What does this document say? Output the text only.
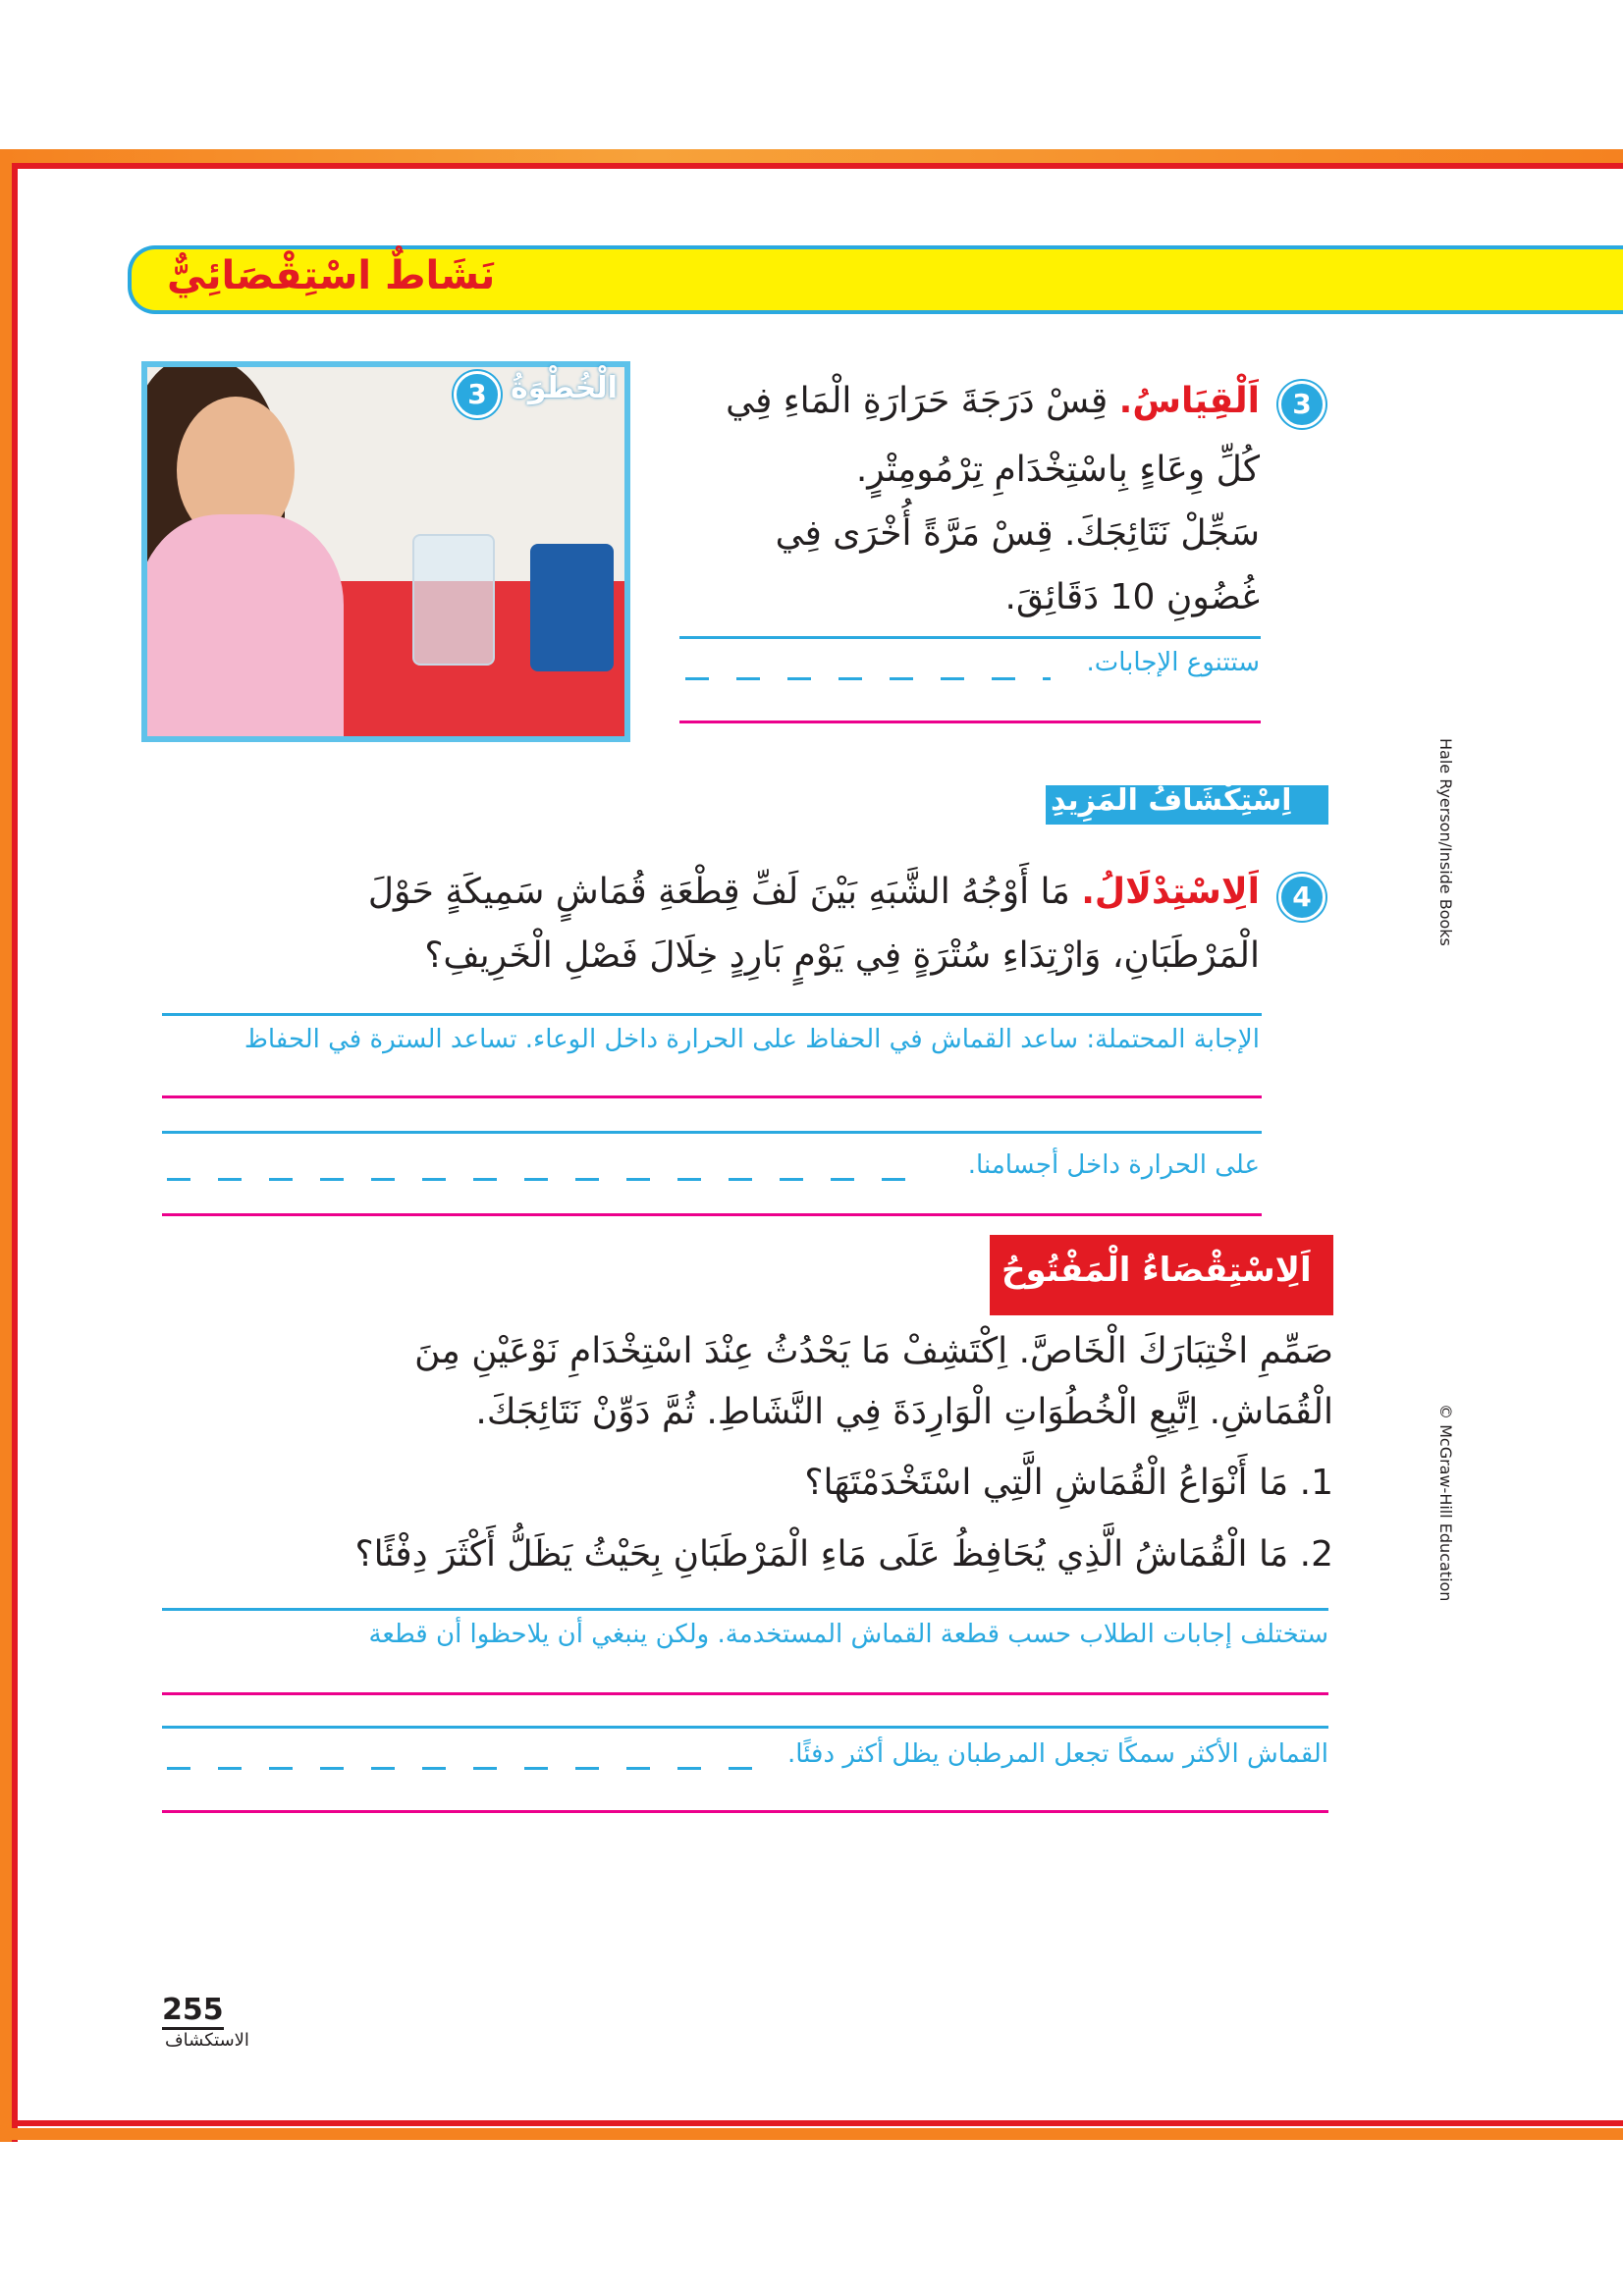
نَشَاطٌ اسْتِقْصَائِيٌّ
3 الْخُطْوَةُ	3
اَلْقِيَاسُ. قِسْ دَرَجَةَ حَرَارَةِ الْمَاءِ فِي
كُلِّ وِعَاءٍ بِاسْتِخْدَامِ تِرْمُومِتْرٍ.
سَجِّلْ نَتَائِجَكَ. قِسْ مَرَّةً أُخْرَى فِي
غُضُونِ 10 دَقَائِقَ.
ستتنوع الإجابات.
اِسْتِكْشَافُ الْمَزِيدِ
4
اَلِاسْتِدْلَالُ. مَا أَوْجُهُ الشَّبَهِ بَيْنَ لَفِّ قِطْعَةِ قُمَاشٍ سَمِيكَةٍ حَوْلَ
الْمَرْطَبَانِ، وَارْتِدَاءِ سُتْرَةٍ فِي يَوْمٍ بَارِدٍ خِلَالَ فَصْلِ الْخَرِيفِ؟
الإجابة المحتملة: ساعد القماش في الحفاظ على الحرارة داخل الوعاء. تساعد السترة في الحفاظ
على الحرارة داخل أجسامنا.
اَلِاسْتِقْصَاءُ الْمَفْتُوحُ
صَمِّمِ اخْتِبَارَكَ الْخَاصَّ. اِكْتَشِفْ مَا يَحْدُثُ عِنْدَ اسْتِخْدَامِ نَوْعَيْنِ مِنَ
الْقُمَاشِ. اِتَّبِعِ الْخُطُوَاتِ الْوَارِدَةَ فِي النَّشَاطِ. ثُمَّ دَوِّنْ نَتَائِجَكَ.
1. مَا أَنْوَاعُ الْقُمَاشِ الَّتِي اسْتَخْدَمْتَهَا؟
2. مَا الْقُمَاشُ الَّذِي يُحَافِظُ عَلَى مَاءِ الْمَرْطَبَانِ بِحَيْثُ يَظَلُّ أَكْثَرَ دِفْئًا؟
ستختلف إجابات الطلاب حسب قطعة القماش المستخدمة. ولكن ينبغي أن يلاحظوا أن قطعة
القماش الأكثر سمكًا تجعل المرطبان يظل أكثر دفئًا.
Hale Ryerson/Inside Books
© McGraw-Hill Education
255
الاستكشاف
